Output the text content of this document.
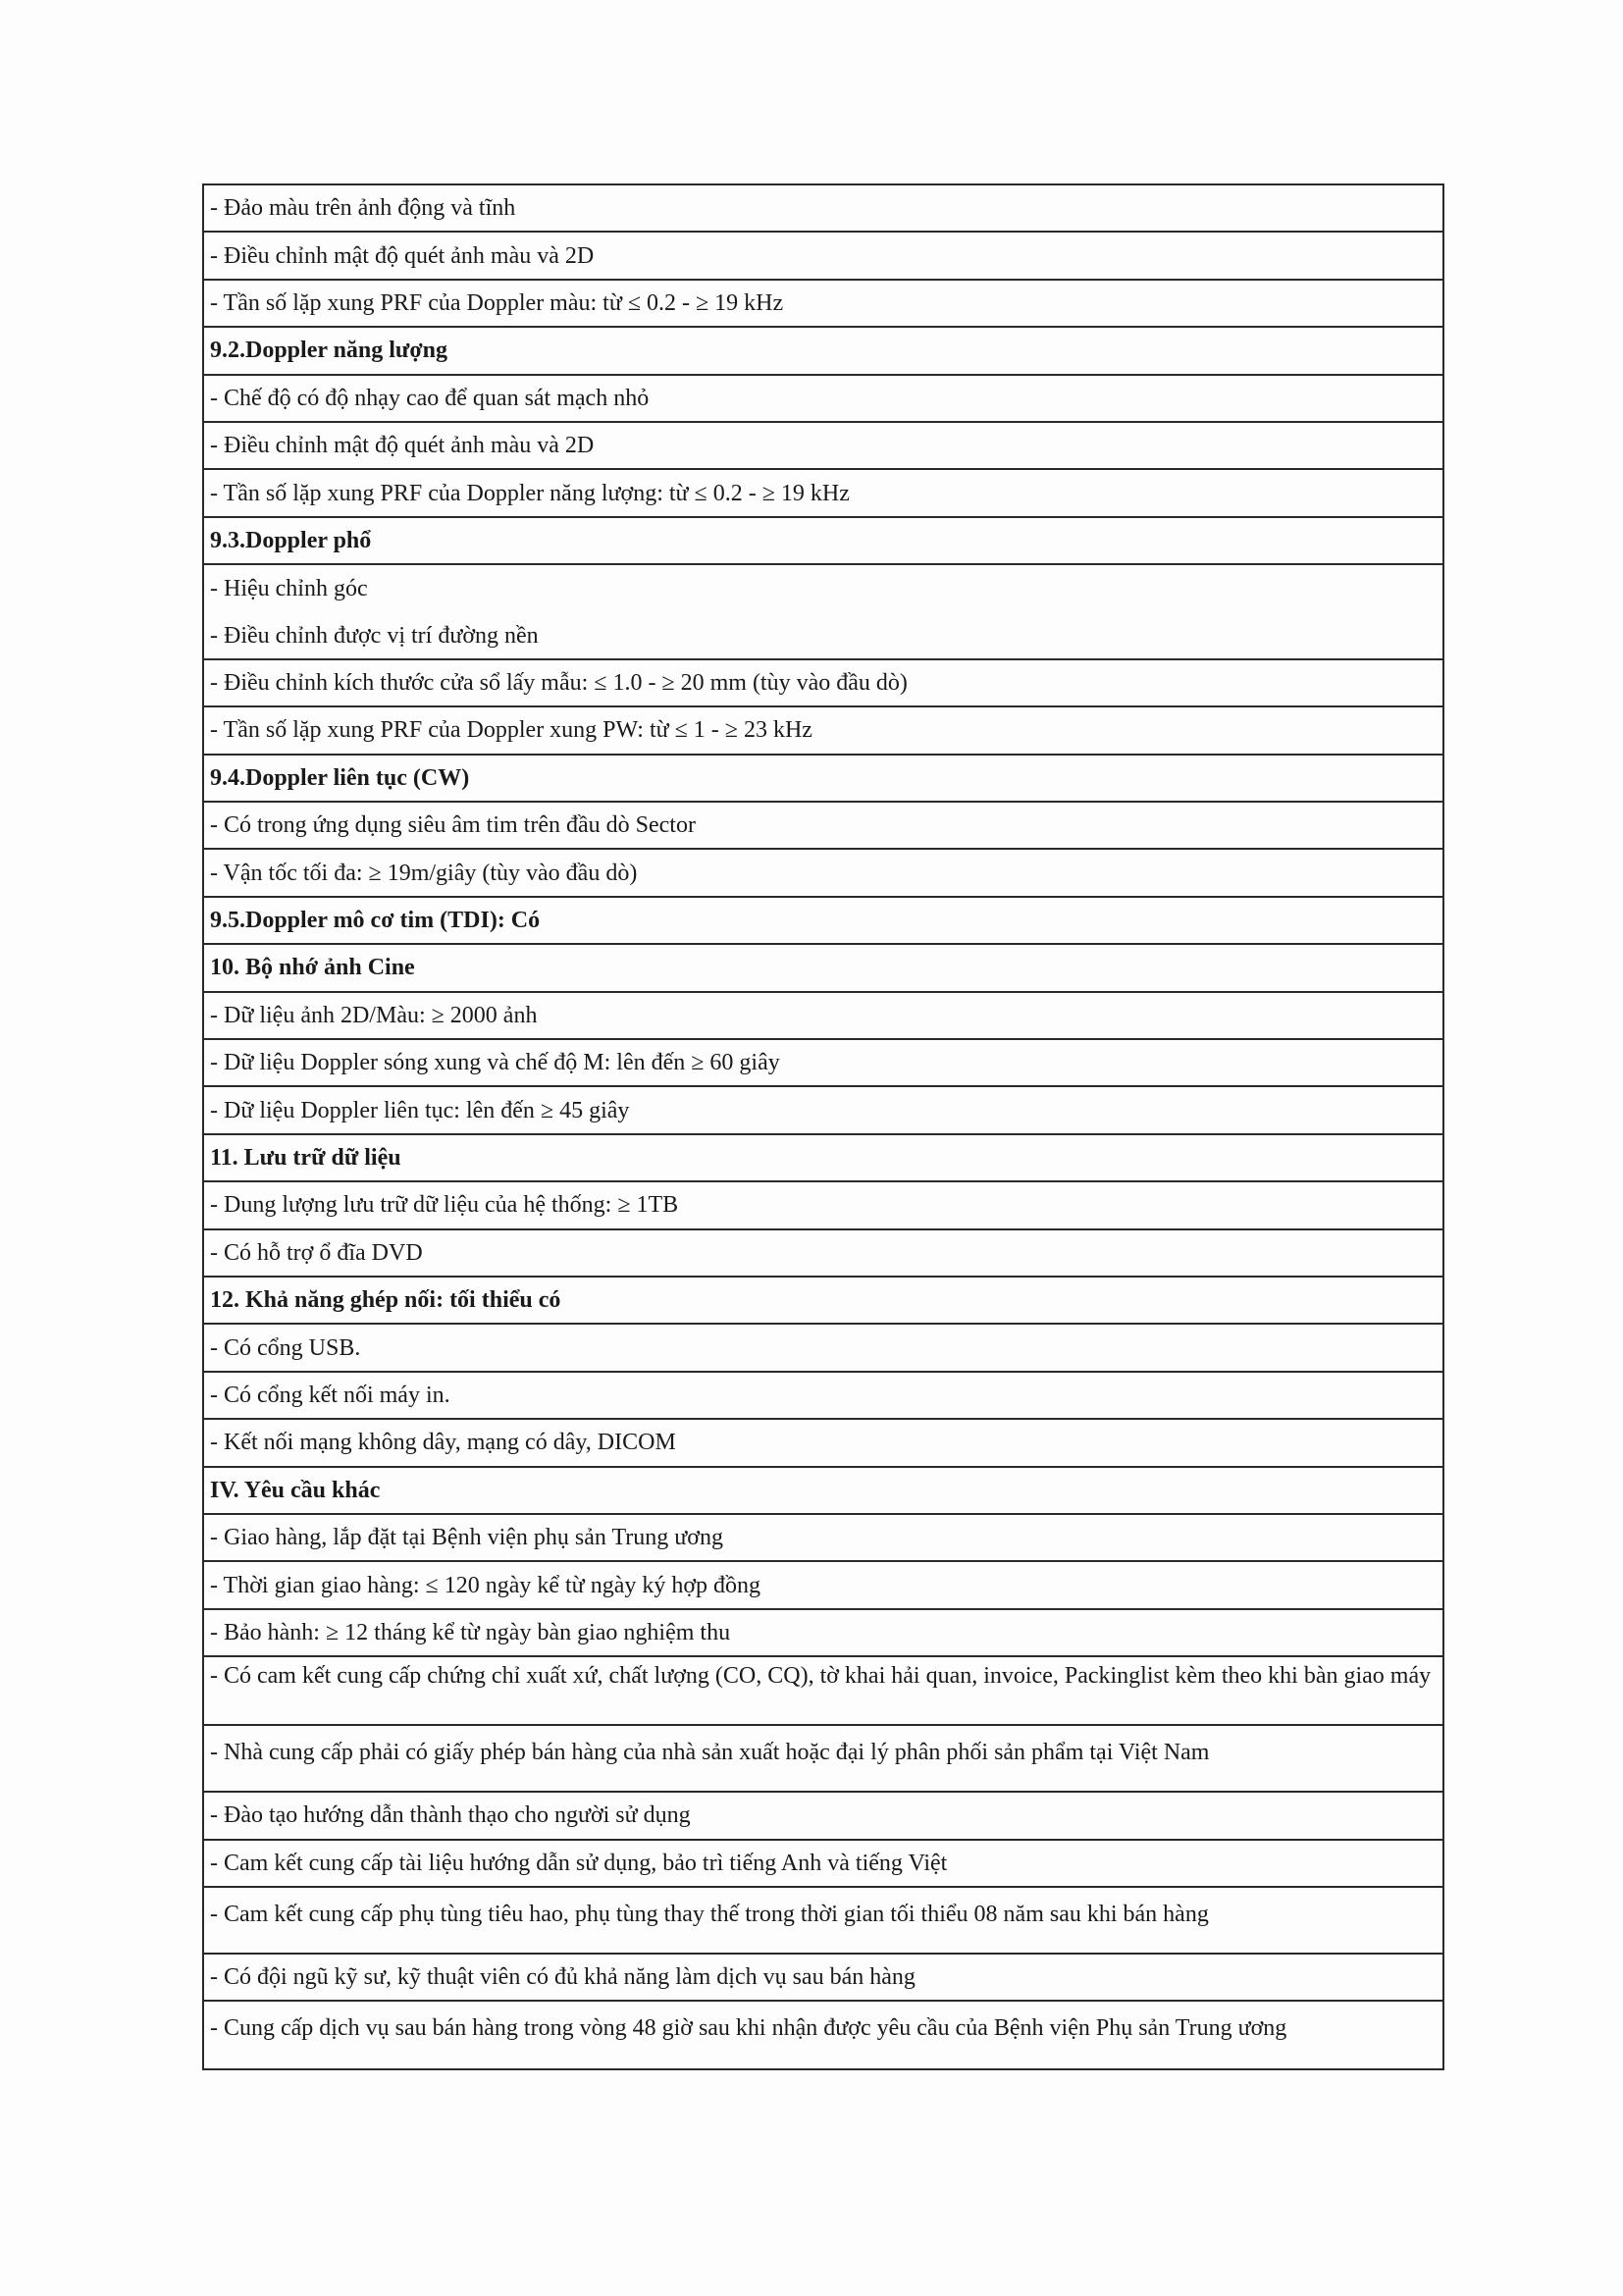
- Đảo màu trên ảnh động và tĩnh
- Điều chỉnh mật độ quét ảnh màu và 2D
- Tần số lặp xung PRF của Doppler màu: từ ≤ 0.2 - ≥ 19 kHz
9.2.Doppler năng lượng
- Chế độ có độ nhạy cao để quan sát mạch nhỏ
- Điều chỉnh mật độ quét ảnh màu và 2D
- Tần số lặp xung PRF của Doppler năng lượng: từ ≤ 0.2 - ≥ 19 kHz
9.3.Doppler phổ
- Hiệu chỉnh góc
- Điều chỉnh được vị trí đường nền
- Điều chỉnh kích thước cửa sổ lấy mẫu: ≤ 1.0 - ≥ 20 mm (tùy vào đầu dò)
- Tần số lặp xung PRF của Doppler xung PW: từ ≤ 1 - ≥ 23 kHz
9.4.Doppler liên tục (CW)
- Có trong ứng dụng siêu âm tim trên đầu dò Sector
- Vận tốc tối đa: ≥ 19m/giây (tùy vào đầu dò)
9.5.Doppler mô cơ tim (TDI): Có
10. Bộ nhớ ảnh Cine
- Dữ liệu ảnh 2D/Màu: ≥ 2000 ảnh
- Dữ liệu Doppler sóng xung và chế độ M: lên đến ≥ 60 giây
- Dữ liệu Doppler liên tục: lên đến ≥ 45 giây
11. Lưu trữ dữ liệu
- Dung lượng lưu trữ dữ liệu của hệ thống: ≥ 1TB
- Có hỗ trợ ổ đĩa DVD
12. Khả năng ghép nối: tối thiểu có
- Có cổng USB.
- Có cổng kết nối máy in.
- Kết nối mạng không dây, mạng có dây, DICOM
IV. Yêu cầu khác
- Giao hàng, lắp đặt tại Bệnh viện phụ sản Trung ương
- Thời gian giao hàng: ≤ 120 ngày kể từ ngày ký hợp đồng
- Bảo hành: ≥ 12 tháng kể từ ngày bàn giao nghiệm thu
- Có cam kết cung cấp chứng chỉ xuất xứ, chất lượng (CO, CQ), tờ khai hải quan, invoice, Packinglist kèm theo khi bàn giao máy
- Nhà cung cấp phải có giấy phép bán hàng của nhà sản xuất hoặc đại lý phân phối sản phẩm tại Việt Nam
- Đào tạo hướng dẫn thành thạo cho người sử dụng
- Cam kết cung cấp tài liệu hướng dẫn sử dụng, bảo trì tiếng Anh và tiếng Việt
- Cam kết cung cấp phụ tùng tiêu hao, phụ tùng thay thế trong thời gian tối thiểu 08 năm sau khi bán hàng
- Có đội ngũ kỹ sư, kỹ thuật viên có đủ khả năng làm dịch vụ sau bán hàng
- Cung cấp dịch vụ sau bán hàng trong vòng 48 giờ sau khi nhận được yêu cầu của Bệnh viện Phụ sản Trung ương
